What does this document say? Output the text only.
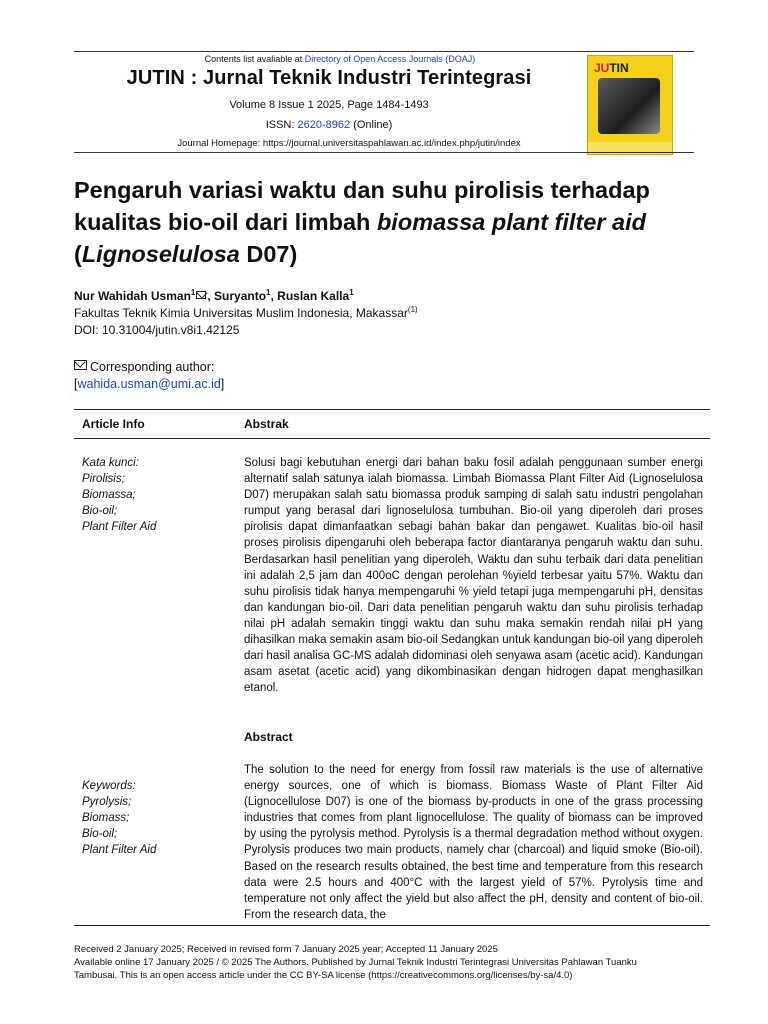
Contents list avaliable at Directory of Open Access Journals (DOAJ)
JUTIN : Jurnal Teknik Industri Terintegrasi
Volume 8 Issue 1 2025, Page 1484-1493
ISSN: 2620-8962 (Online)
Journal Homepage: https://journal.universitaspahlawan.ac.id/index.php/jutin/index
JUTIN
Pengaruh variasi waktu dan suhu pirolisis terhadap
kualitas bio-oil dari limbah biomassa plant filter aid
(Lignoselulosa D07)
Nur Wahidah Usman$^1$ , Suryanto$^1$, Ruslan Kalla$^1$
Fakultas Teknik Kimia Universitas Muslim Indonesia, Makassar$^{(1)}$
DOI: 10.31004/jutin.v8i1.42125
Corresponding author:
[wahida.usman@umi.ac.id]
Article Info	Abstrak
Kata kunci:
Pirolisis;
Biomassa;
Bio-oil;
Plant Filter Aid
Solusi bagi kebutuhan energi dari bahan baku fosil adalah penggunaan sumber energi alternatif salah satunya ialah biomassa. Limbah Biomassa Plant Filter Aid (Lignoselulosa D07) merupakan salah satu biomassa produk samping di salah satu industri pengolahan rumput yang berasal dari lignoselulosa tumbuhan. Bio-oil yang diperoleh dari proses pirolisis dapat dimanfaatkan sebagi bahan bakar dan pengawet. Kualitas bio-oil hasil proses pirolisis dipengaruhi oleh beberapa factor diantaranya pengaruh waktu dan suhu. Berdasarkan hasil penelitian yang diperoleh, Waktu dan suhu terbaik dari data penelitian ini adalah 2,5 jam dan 400oC dengan perolehan %yield terbesar yaitu 57%. Waktu dan suhu pirolisis tidak hanya mempengaruhi % yield tetapi juga mempengaruhi pH, densitas dan kandungan bio-oil. Dari data penelitian pengaruh waktu dan suhu pirolisis terhadap nilai pH adalah semakin tinggi waktu dan suhu maka semakin rendah nilai pH yang dihasilkan maka semakin asam bio-oil Sedangkan untuk kandungan bio-oil yang diperoleh dari hasil analisa GC-MS adalah didominasi oleh senyawa asam (acetic acid). Kandungan asam asetat (acetic acid) yang dikombinasikan dengan hidrogen dapat menghasilkan etanol.
Abstract
Keywords:
Pyrolysis;
Biomass;
Bio-oil;
Plant Filter Aid
The solution to the need for energy from fossil raw materials is the use of alternative energy sources, one of which is biomass. Biomass Waste of Plant Filter Aid (Lignocellulose D07) is one of the biomass by-products in one of the grass processing industries that comes from plant lignocellulose. The quality of biomass can be improved by using the pyrolysis method. Pyrolysis is a thermal degradation method without oxygen. Pyrolysis produces two main products, namely char (charcoal) and liquid smoke (Bio-oil). Based on the research results obtained, the best time and temperature from this research data were 2.5 hours and 400°C with the largest yield of 57%. Pyrolysis time and temperature not only affect the yield but also affect the pH, density and content of bio-oil. From the research data, the
Received 2 January 2025; Received in revised form 7 January 2025 year; Accepted 11 January 2025
Available online 17 January 2025 / © 2025 The Authors. Published by Jurnal Teknik Industri Terintegrasi Universitas Pahlawan Tuanku
Tambusai. This is an open access article under the CC BY-SA license (https://creativecommons.org/licenses/by-sa/4.0)
